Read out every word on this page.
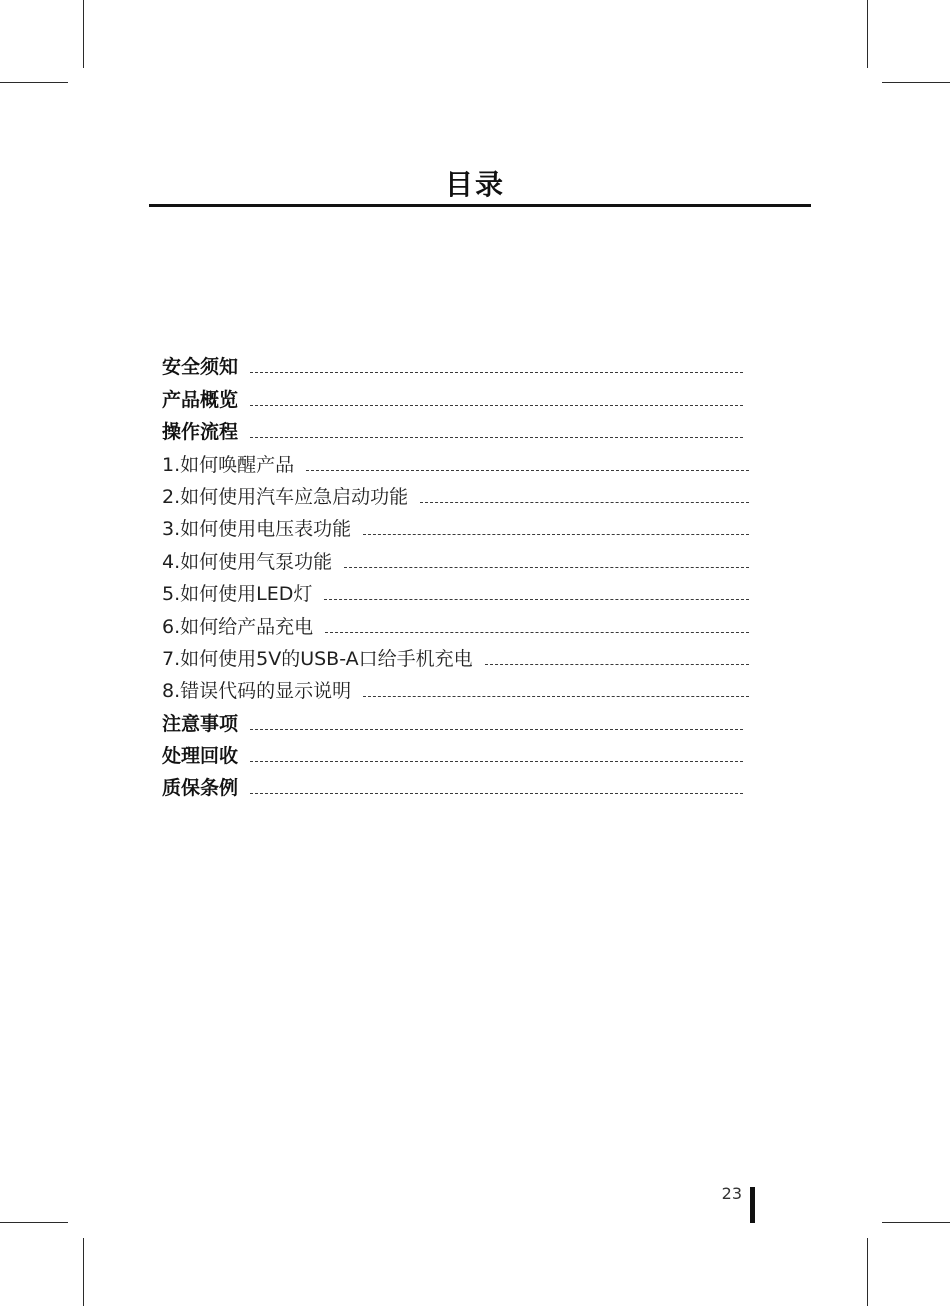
目录
安全须知
产品概览
操作流程
1.如何唤醒产品
2.如何使用汽车应急启动功能
3.如何使用电压表功能
4.如何使用气泵功能
5.如何使用LED灯
6.如何给产品充电
7.如何使用5V的USB-A口给手机充电
8.错误代码的显示说明
注意事项
处理回收
质保条例
23
